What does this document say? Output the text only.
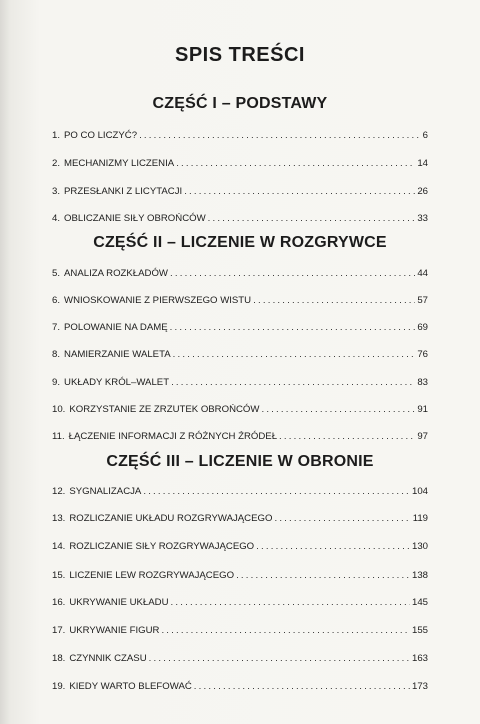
SPIS TREŚCI
CZĘŚĆ I – PODSTAWY
1. PO CO LICZYĆ? .....	6
2. MECHANIZMY LICZENIA .....	14
3. PRZESŁANKI Z LICYTACJI .....	26
4. OBLICZANIE SIŁY OBROŃCÓW .....	33
CZĘŚĆ II – LICZENIE W ROZGRYWCE
5. ANALIZA ROZKŁADÓW .....	44
6. WNIOSKOWANIE Z PIERWSZEGO WISTU .....	57
7. POLOWANIE NA DAMĘ .....	69
8. NAMIERZANIE WALETA .....	76
9. UKŁADY KRÓL–WALET .....	83
10. KORZYSTANIE ZE ZRZUTEK OBROŃCÓW .....	91
11. ŁĄCZENIE INFORMACJI Z RÓŻNYCH ŹRÓDEŁ .....	97
CZĘŚĆ III – LICZENIE W OBRONIE
12. SYGNALIZACJA .....	104
13. ROZLICZANIE UKŁADU ROZGRYWAJĄCEGO .....	119
14. ROZLICZANIE SIŁY ROZGRYWAJĄCEGO .....	130
15. LICZENIE LEW ROZGRYWAJĄCEGO .....	138
16. UKRYWANIE UKŁADU .....	145
17. UKRYWANIE FIGUR .....	155
18. CZYNNIK CZASU .....	163
19. KIEDY WARTO BLEFOWAĆ .....	173
